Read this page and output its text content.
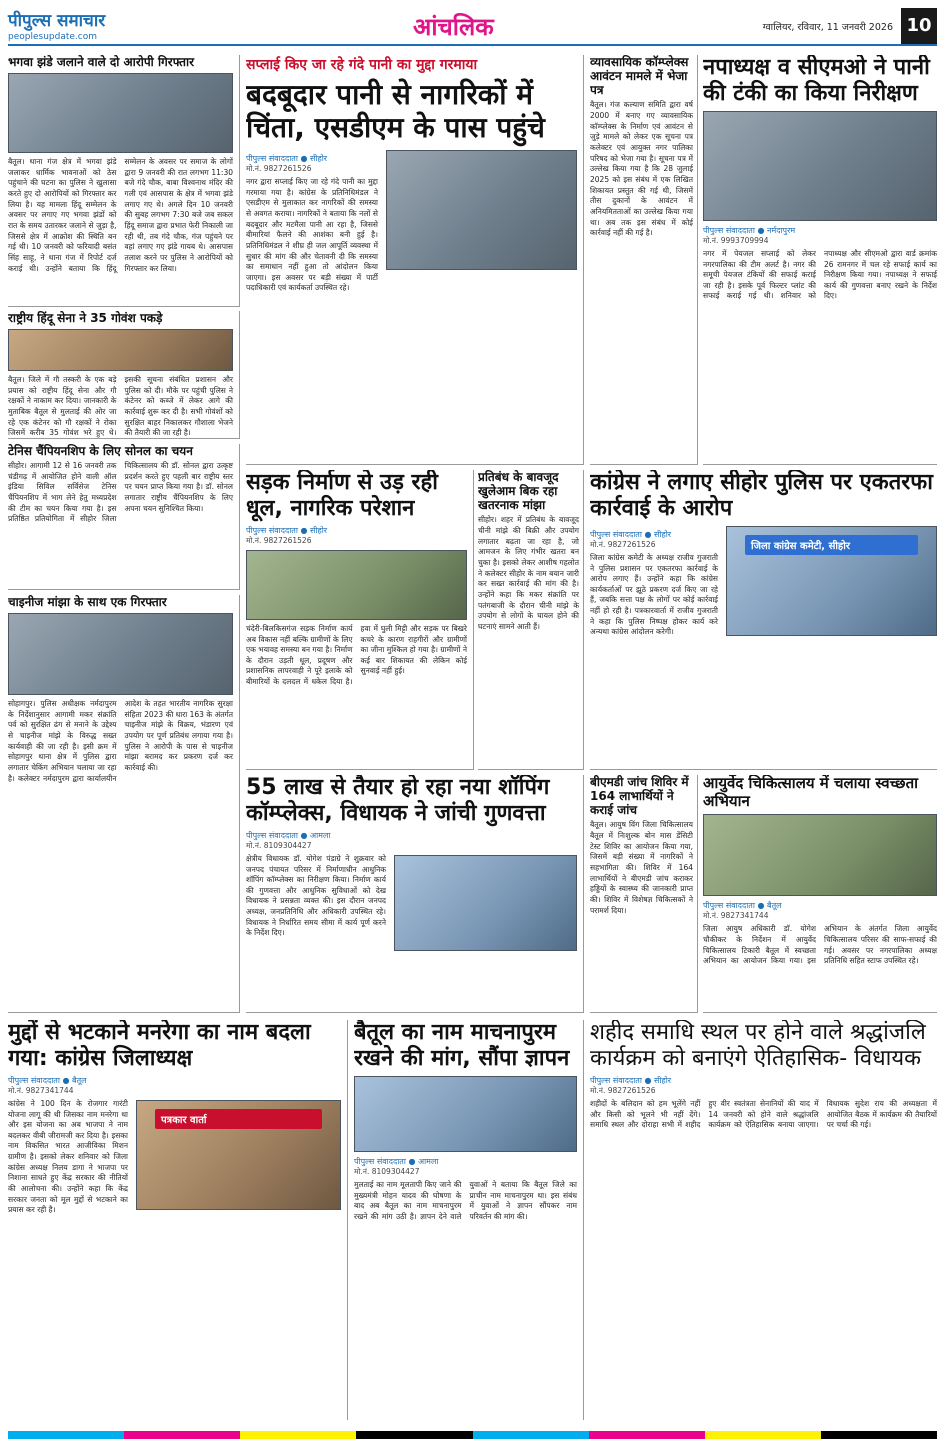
पीपुल्स समाचार
peoplesupdate.com	आंचलिक	ग्वालियर, रविवार, 11 जनवरी 2026 10
भगवा झंडे जलाने वाले दो आरोपी गिरफ्तार
बैतूल। थाना गंज क्षेत्र में भगवा झंडे जलाकर धार्मिक भावनाओं को ठेस पहुंचाने की घटना का पुलिस ने खुलासा करते हुए दो आरोपियों को गिरफ्तार कर लिया है। यह मामला हिंदू सम्मेलन के अवसर पर लगाए गए भगवा झंडों को रात के समय उतारकर जलाने से जुड़ा है, जिससे क्षेत्र में आक्रोश की स्थिति बन गई थी। 10 जनवरी को फरियादी बसंत सिंह साहू, ने थाना गंज में रिपोर्ट दर्ज कराई थी। उन्होंने बताया कि हिंदू सम्मेलन के अवसर पर समाज के लोगों द्वारा 9 जनवरी की रात लगभग 11:30 बजे गंदे चौक, बाबा विश्वनाथ मंदिर की गली एवं आसपास के क्षेत्र में भगवा झंडे लगाए गए थे। अगले दिन 10 जनवरी की सुबह लगभग 7:30 बजे जब सकल हिंदू समाज द्वारा प्रभात फेरी निकाली जा रही थी, तब गंदे चौक, गंज पहुंचने पर वहां लगाए गए झंडे गायब थे। आसपास तलाश करने पर पुलिस ने आरोपियों को गिरफ्तार कर लिया।
राष्ट्रीय हिंदू सेना ने 35 गोवंश पकड़े
बैतूल। जिले में गौ तस्करी के एक बड़े प्रयास को राष्ट्रीय हिंदू सेना और गौ रक्षकों ने नाकाम कर दिया। जानकारी के मुताबिक बैतूल से मुलताई की ओर जा रहे एक कंटेनर को गौ रक्षकों ने रोका जिसमें करीब 35 गोवंश भरे हुए थे। इसकी सूचना संबंधित प्रशासन और पुलिस को दी। मौके पर पहुंची पुलिस ने कंटेनर को कब्जे में लेकर आगे की कार्रवाई शुरू कर दी है। सभी गोवंशों को सुरक्षित बाहर निकालकर गौशाला भेजने की तैयारी की जा रही है।
टेनिस चैंपियनशिप के लिए सोनल का चयन
सीहोर। आगामी 12 से 16 जनवरी तक चंडीगढ़ में आयोजित होने वाली ऑल इंडिया सिविल सर्विसेज टेनिस चैंपियनशिप में भाग लेने हेतु मध्यप्रदेश की टीम का चयन किया गया है। इस प्रतिष्ठित प्रतियोगिता में सीहोर जिला चिकित्सालय की डॉ. सोनल द्वारा उत्कृष्ट प्रदर्शन करते हुए पहली बार राष्ट्रीय स्तर पर चयन प्राप्त किया गया है। डॉ. सोनल लगातार राष्ट्रीय चैंपियनशिप के लिए अपना चयन सुनिश्चित किया।
चाइनीज मांझा के साथ एक गिरफ्तार
सोहागपुर। पुलिस अधीक्षक नर्मदापुरम के निर्देशानुसार आगामी मकर संक्रांति पर्व को सुरक्षित ढंग से मनाने के उद्देश्य से चाइनीज मांझे के विरुद्ध सख्त कार्यवाही की जा रही है। इसी क्रम में सोहागपुर थाना क्षेत्र में पुलिस द्वारा लगातार चेकिंग अभियान चलाया जा रहा है। कलेक्टर नर्मदापुरम द्वारा कार्यालयीन आदेश के तहत भारतीय नागरिक सुरक्षा संहिता 2023 की धारा 163 के अंतर्गत चाइनीज मांझे के विक्रय, भंडारण एवं उपयोग पर पूर्ण प्रतिबंध लगाया गया है। पुलिस ने आरोपी के पास से चाइनीज मांझा बरामद कर प्रकरण दर्ज कर कार्रवाई की।
सप्लाई किए जा रहे गंदे पानी का मुद्दा गरमाया
बदबूदार पानी से नागरिकों में चिंता, एसडीएम के पास पहुंचे
पीपुल्स संवाददाता ● सीहोर
मो.नं. 9827261526
नगर द्वारा सप्लाई किए जा रहे गंदे पानी का मुद्दा गरमाया गया है। कांग्रेस के प्रतिनिधिमंडल ने एसडीएम से मुलाकात कर नागरिकों की समस्या से अवगत कराया। नागरिकों ने बताया कि नलों से बदबूदार और मटमैला पानी आ रहा है, जिससे बीमारियां फैलने की आशंका बनी हुई है। प्रतिनिधिमंडल ने शीघ्र ही जल आपूर्ति व्यवस्था में सुधार की मांग की और चेतावनी दी कि समस्या का समाधान नहीं हुआ तो आंदोलन किया जाएगा। इस अवसर पर बड़ी संख्या में पार्टी पदाधिकारी एवं कार्यकर्ता उपस्थित रहे।
सड़क निर्माण से उड़ रही धूल, नागरिक परेशान
पीपुल्स संवाददाता ● सीहोर
मो.नं. 9827261526
चंदेरी-बिलकिसगंज सड़क निर्माण कार्य अब विकास नहीं बल्कि ग्रामीणों के लिए एक भयावह समस्या बन गया है। निर्माण के दौरान उड़ती धूल, प्रदूषण और प्रशासनिक लापरवाही ने पूरे इलाके को बीमारियों के दलदल में धकेल दिया है। हवा में घुली मिट्टी और सड़क पर बिखरे कचरे के कारण राहगीरों और ग्रामीणों का जीना मुश्किल हो गया है। ग्रामीणों ने कई बार शिकायत की लेकिन कोई सुनवाई नहीं हुई।
प्रतिबंध के बावजूद खुलेआम बिक रहा खतरनाक मांझा
सीहोर। शहर में प्रतिबंध के बावजूद चीनी मांझे की बिक्री और उपयोग लगातार बढ़ता जा रहा है, जो आमजन के लिए गंभीर खतरा बन चुका है। इसको लेकर आशीष गहलोत ने कलेक्टर सीहोर के नाम बयान जारी कर सख्त कार्रवाई की मांग की है। उन्होंने कहा कि मकर संक्रांति पर पतंगबाजी के दौरान चीनी मांझे के उपयोग से लोगों के घायल होने की घटनाएं सामने आती हैं।
55 लाख से तैयार हो रहा नया शॉपिंग कॉम्प्लेक्स, विधायक ने जांची गुणवत्ता
पीपुल्स संवाददाता ● आमला
मो.नं. 8109304427
क्षेत्रीय विधायक डॉ. योगेश पंडाग्रे ने शुक्रवार को जनपद पंचायत परिसर में निर्माणाधीन आधुनिक शॉपिंग कॉम्प्लेक्स का निरीक्षण किया। निर्माण कार्य की गुणवत्ता और आधुनिक सुविधाओं को देख विधायक ने प्रसन्नता व्यक्त की। इस दौरान जनपद अध्यक्ष, जनप्रतिनिधि और अधिकारी उपस्थित रहे। विधायक ने निर्धारित समय सीमा में कार्य पूर्ण करने के निर्देश दिए।
व्यावसायिक कॉम्प्लेक्स आवंटन मामले में भेजा पत्र
बैतूल। गंज कल्याण समिति द्वारा वर्ष 2000 में बनाए गए व्यावसायिक कॉम्प्लेक्स के निर्माण एवं आवंटन से जुड़े मामले को लेकर एक सूचना पत्र कलेक्टर एवं आयुक्त नगर पालिका परिषद को भेजा गया है। सूचना पत्र में उल्लेख किया गया है कि 28 जुलाई 2025 को इस संबंध में एक लिखित शिकायत प्रस्तुत की गई थी, जिसमें तीस दुकानों के आवंटन में अनियमितताओं का उल्लेख किया गया था। अब तक इस संबंध में कोई कार्रवाई नहीं की गई है।
नपाध्यक्ष व सीएमओ ने पानी की टंकी का किया निरीक्षण
पीपुल्स संवाददाता ● नर्मदापुरम
मो.नं. 9993709994
नगर में पेयजल सप्लाई को लेकर नगरपालिका की टीम अलर्ट है। नगर की समूची पेयजल टंकियों की सफाई कराई जा रही है। इसके पूर्व फिल्टर प्लांट की सफाई कराई गई थी। शनिवार को नपाध्यक्ष और सीएमओ द्वारा वार्ड क्रमांक 26 रामनगर में चल रहे सफाई कार्य का निरीक्षण किया गया। नपाध्यक्ष ने सफाई कार्य की गुणवत्ता बनाए रखने के निर्देश दिए।
कांग्रेस ने लगाए सीहोर पुलिस पर एकतरफा कार्रवाई के आरोप
पीपुल्स संवाददाता ● सीहोर
मो.नं. 9827261526
जिला कांग्रेस कमेटी के अध्यक्ष राजीव गुजराती ने पुलिस प्रशासन पर एकतरफा कार्रवाई के आरोप लगाए हैं। उन्होंने कहा कि कांग्रेस कार्यकर्ताओं पर झूठे प्रकरण दर्ज किए जा रहे हैं, जबकि सत्ता पक्ष के लोगों पर कोई कार्रवाई नहीं हो रही है। पत्रकारवार्ता में राजीव गुजराती ने कहा कि पुलिस निष्पक्ष होकर कार्य करे अन्यथा कांग्रेस आंदोलन करेगी।
जिला कांग्रेस कमेटी, सीहोर
बीएमडी जांच शिविर में 164 लाभार्थियों ने कराई जांच
बैतूल। आयुष विंग जिला चिकित्सालय बैतूल में निःशुल्क बोन मास डेंसिटी टेस्ट शिविर का आयोजन किया गया, जिसमें बड़ी संख्या में नागरिकों ने सहभागिता की। शिविर में 164 लाभार्थियों ने बीएमडी जांच कराकर हड्डियों के स्वास्थ्य की जानकारी प्राप्त की। शिविर में विशेषज्ञ चिकित्सकों ने परामर्श दिया।
आयुर्वेद चिकित्सालय में चलाया स्वच्छता अभियान
पीपुल्स संवाददाता ● बैतूल
मो.नं. 9827341744
जिला आयुष अधिकारी डॉ. योगेश चौकीकर के निर्देशन में आयुर्वेद चिकित्सालय टिकारी बैतूल में स्वच्छता अभियान का आयोजन किया गया। इस अभियान के अंतर्गत जिला आयुर्वेद चिकित्सालय परिसर की साफ-सफाई की गई। अवसर पर नगरपालिका अध्यक्ष प्रतिनिधि सहित स्टाफ उपस्थित रहे।
मुद्दों से भटकाने मनरेगा का नाम बदला गया: कांग्रेस जिलाध्यक्ष
पीपुल्स संवाददाता ● बैतूल
मो.नं. 9827341744
कांग्रेस ने 100 दिन के रोजगार गारंटी योजना लागू की थी जिसका नाम मनरेगा था और इस योजना का अब भाजपा ने नाम बदलकर वीबी जीरामजी कर दिया है। इसका नाम विकसित भारत आजीविका मिशन ग्रामीण है। इसको लेकर शनिवार को जिला कांग्रेस अध्यक्ष निलय डागा ने भाजपा पर निशाना साधते हुए केंद्र सरकार की नीतियों की आलोचना की। उन्होंने कहा कि केंद्र सरकार जनता को मूल मुद्दों से भटकाने का प्रयास कर रही है।
पत्रकार वार्ता
बैतूल का नाम माचनापुरम रखने की मांग, सौंपा ज्ञापन
पीपुल्स संवाददाता ● आमला
मो.नं. 8109304427
मुलताई का नाम मूलतापी किए जाने की मुख्यमंत्री मोहन यादव की घोषणा के बाद अब बैतूल का नाम माचनापुरम रखने की मांग उठी है। ज्ञापन देने वाले युवाओं ने बताया कि बैतूल जिले का प्राचीन नाम माचनापुरम था। इस संबंध में युवाओं ने ज्ञापन सौंपकर नाम परिवर्तन की मांग की।
शहीद समाधि स्थल पर होने वाले श्रद्धांजलि कार्यक्रम को बनाएंगे ऐतिहासिक- विधायक
पीपुल्स संवाददाता ● सीहोर
मो.नं. 9827261526
शहीदों के बलिदान को हम भूलेंगे नहीं और किसी को भूलने भी नहीं देंगे। समाधि स्थल और दोराहा सभी में शहीद हुए वीर स्वतंत्रता सेनानियों की याद में 14 जनवरी को होने वाले श्रद्धांजलि कार्यक्रम को ऐतिहासिक बनाया जाएगा। विधायक सुदेश राय की अध्यक्षता में आयोजित बैठक में कार्यक्रम की तैयारियों पर चर्चा की गई।
